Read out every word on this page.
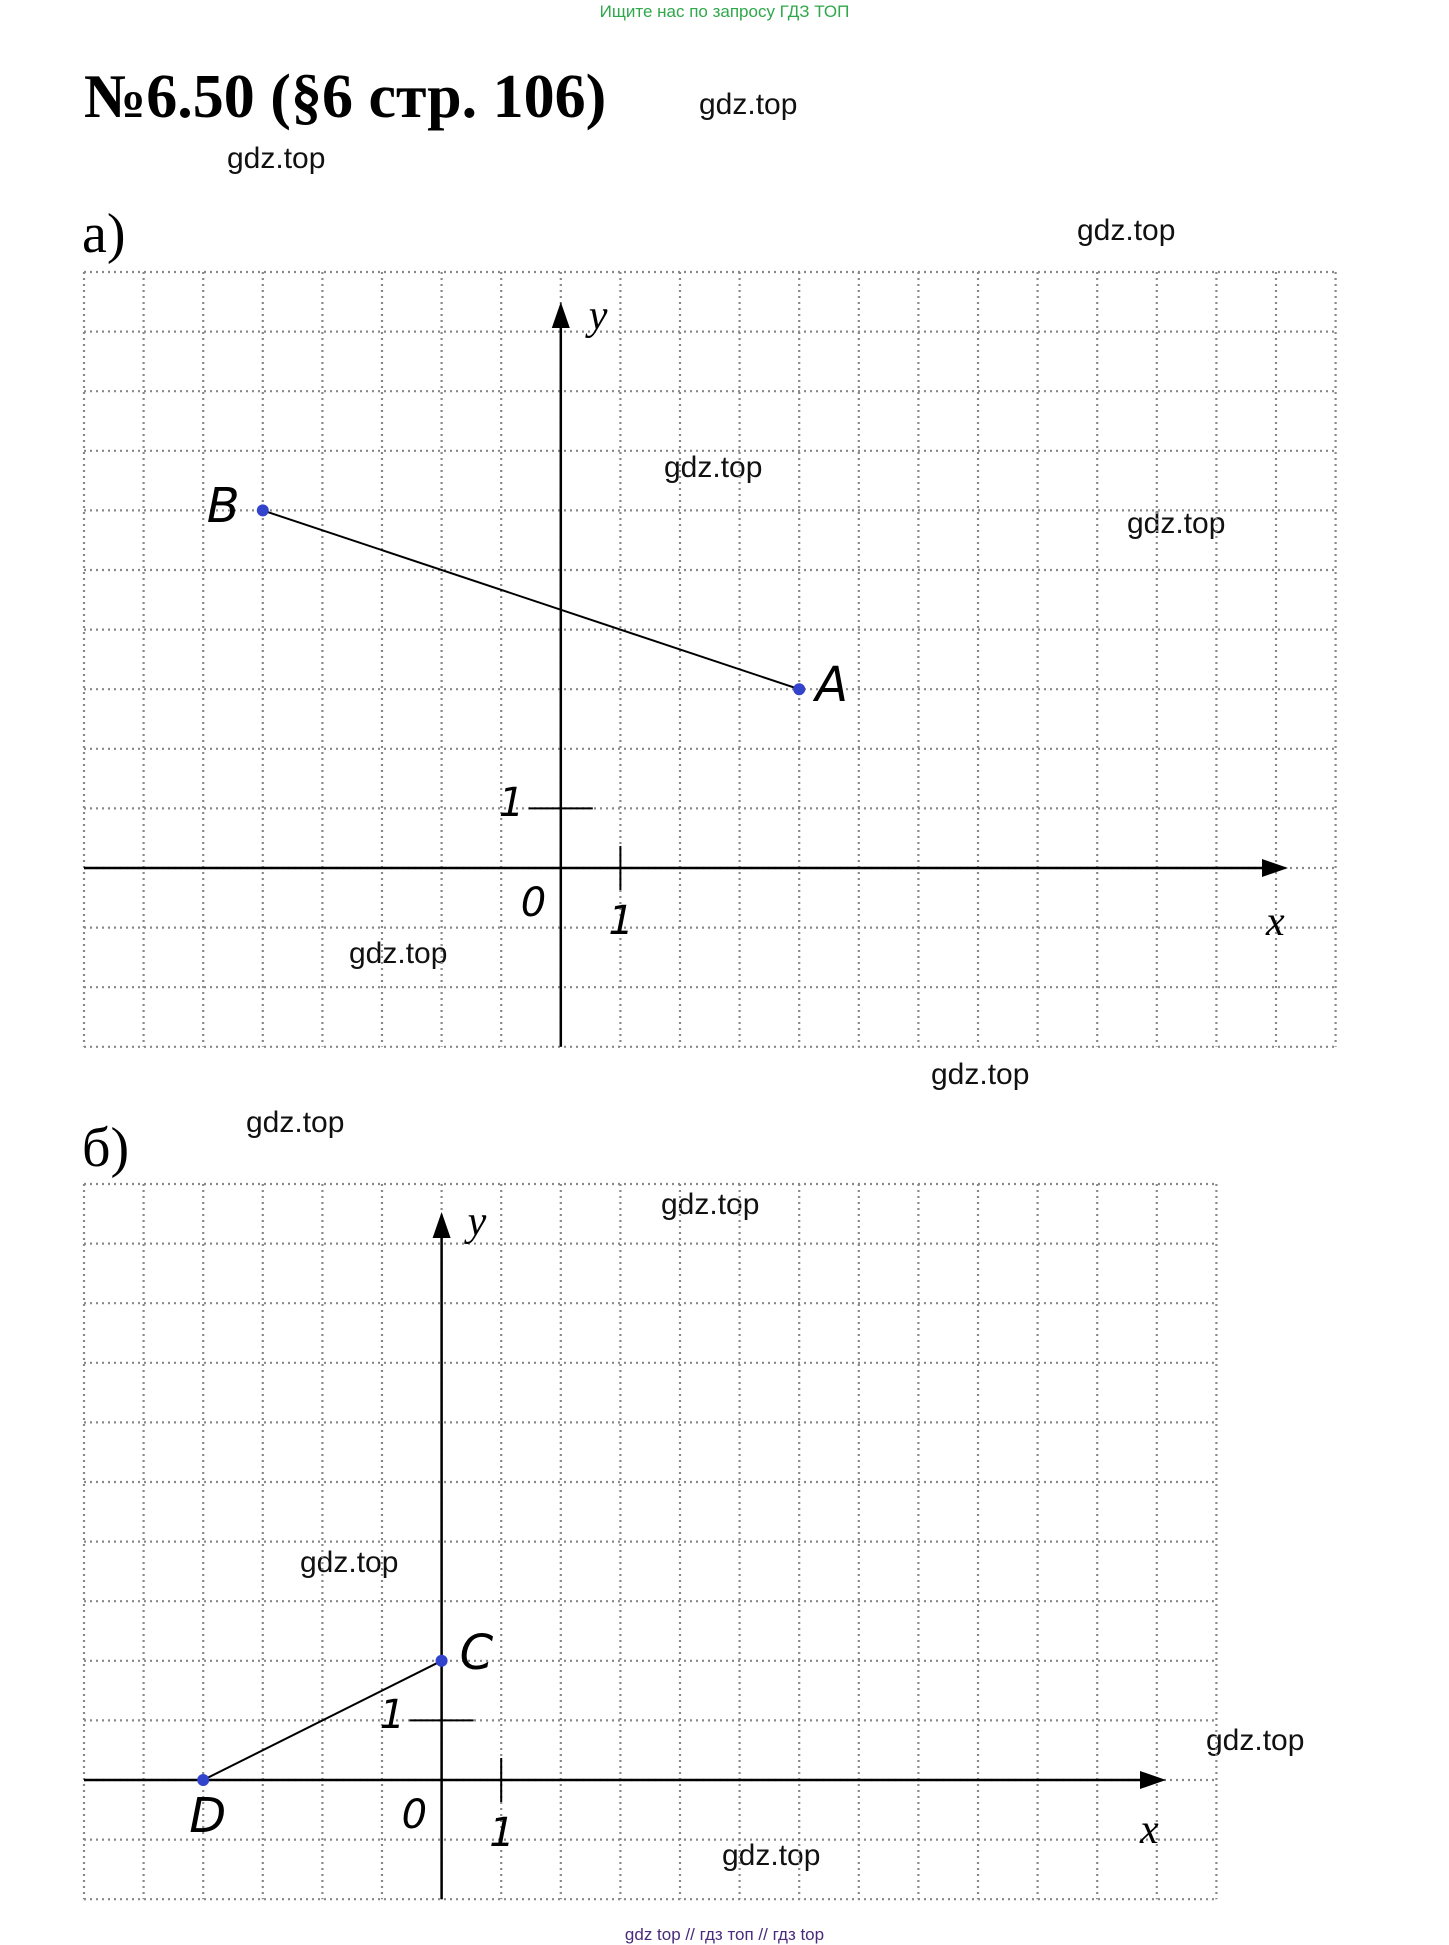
Ищите нас по запросу ГДЗ ТОП
№6.50 (§6 стр. 106)	gdz.top
gdz.top
gdz.top
gdz.top
gdz.top
gdz.top
gdz.top
gdz.top
gdz.top
gdz.top
gdz.top
gdz.top
а)
A
B
y
x
0 1
1
б)
C
D
y
x
0 1
1
gdz top // гдз топ // гдз top
